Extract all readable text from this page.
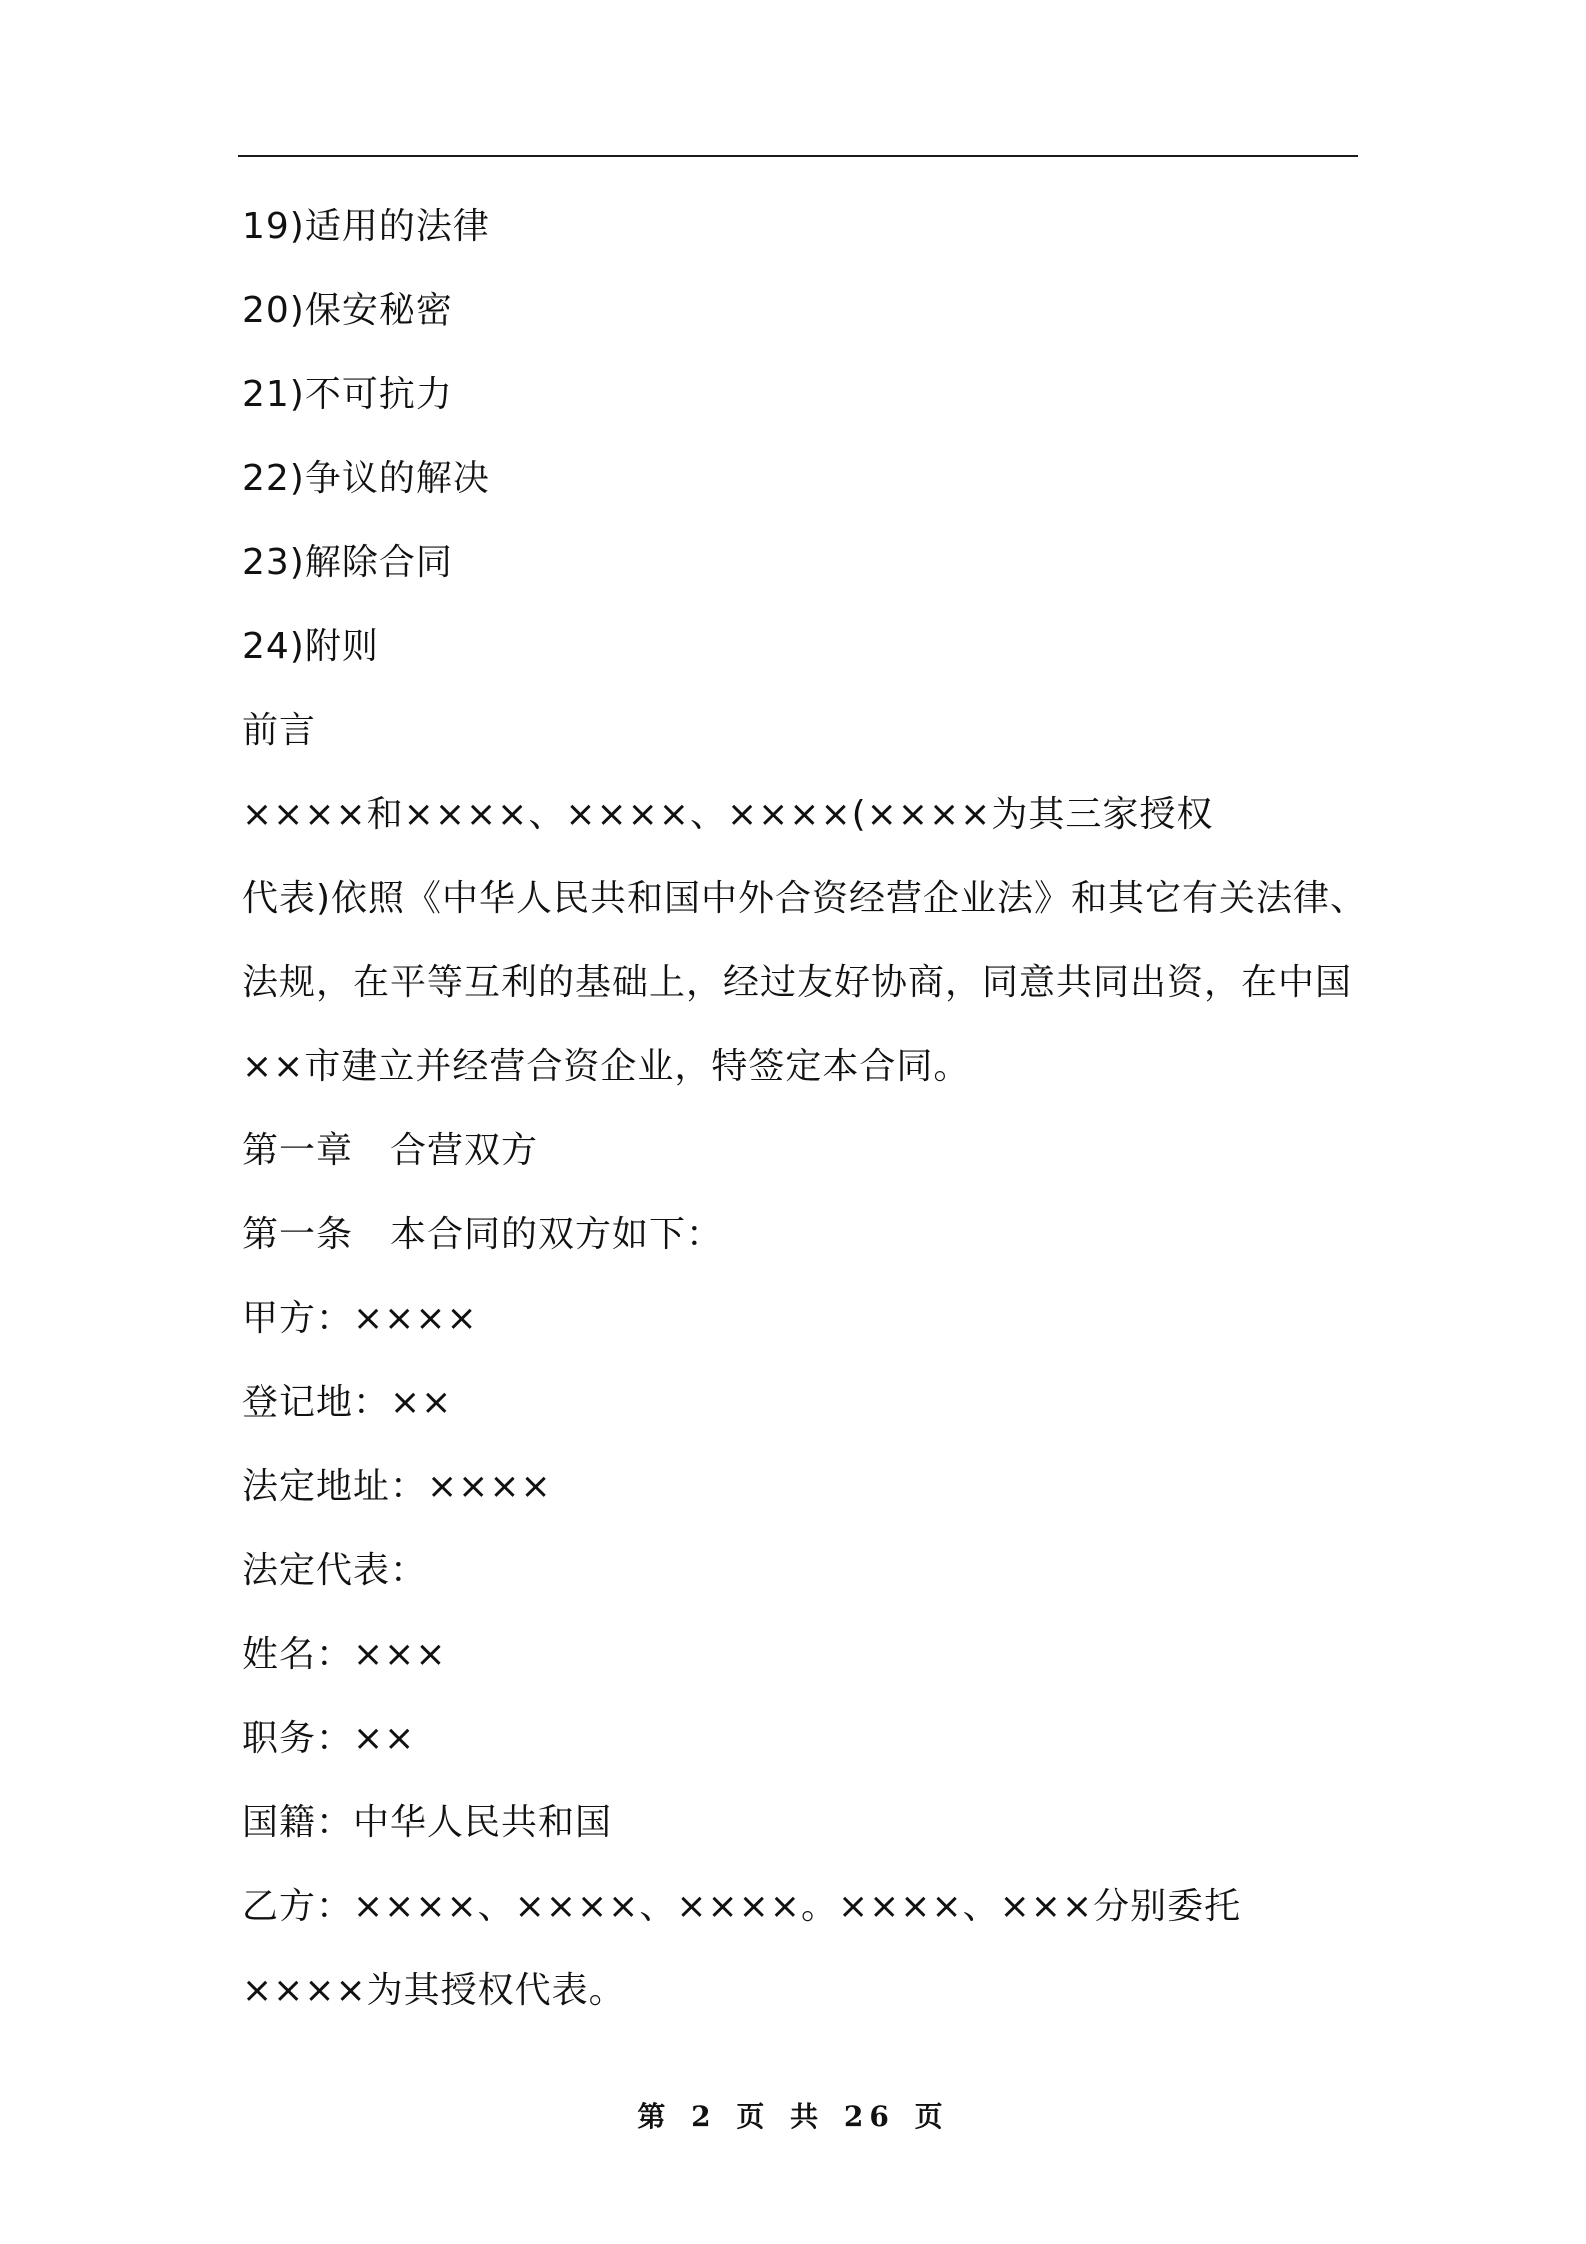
19)适用的法律
20)保安秘密
21)不可抗力
22)争议的解决
23)解除合同
24)附则
前言
××××和××××、××××、××××(××××为其三家授权
代表)依照《中华人民共和国中外合资经营企业法》和其它有关法律、
法规，在平等互利的基础上，经过友好协商，同意共同出资，在中国
××市建立并经营合资企业，特签定本合同。
第一章　合营双方
第一条　本合同的双方如下：
甲方：××××
登记地：××
法定地址：××××
法定代表：
姓名：×××
职务：××
国籍：中华人民共和国
乙方：××××、××××、××××。××××、×××分别委托
××××为其授权代表。
第 2 页 共 26 页
